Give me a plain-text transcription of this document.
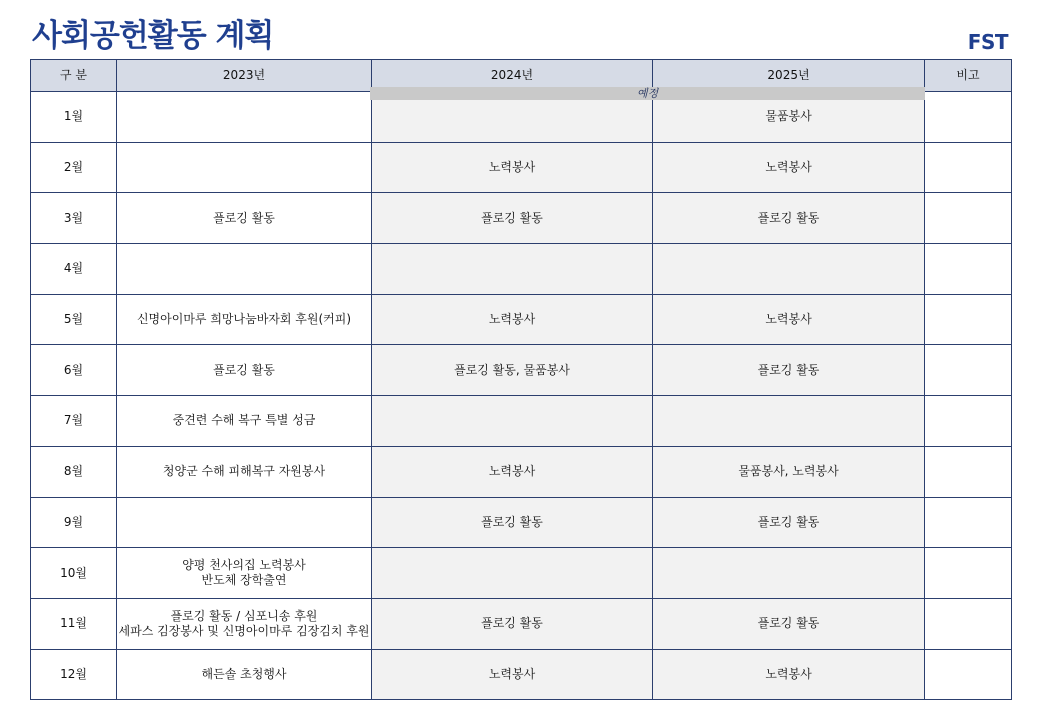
사회공헌활동 계획	FST
구 분	2023년	2024년	2025년	비고
1월			물품봉사	

2월		노력봉사	노력봉사	

3월	플로깅 활동	플로깅 활동	플로깅 활동	

4월				
5월	신명아이마루 희망나눔바자회 후원(커피)	노력봉사	노력봉사	

6월	플로깅 활동	플로깅 활동, 물품봉사	플로깅 활동	

7월	중견련 수해 복구 특별 성금			

8월	청양군 수해 피해복구 자원봉사	노력봉사	물품봉사, 노력봉사	

9월		플로깅 활동	플로깅 활동	

10월	양평 천사의집 노력봉사
반도체 장학출연			

11월	플로깅 활동 / 심포니송 후원
세파스 김장봉사 및 신명아이마루 김장김치 후원	플로깅 활동	플로깅 활동	

12월	해든솔 초청행사	노력봉사	노력봉사	

예정
